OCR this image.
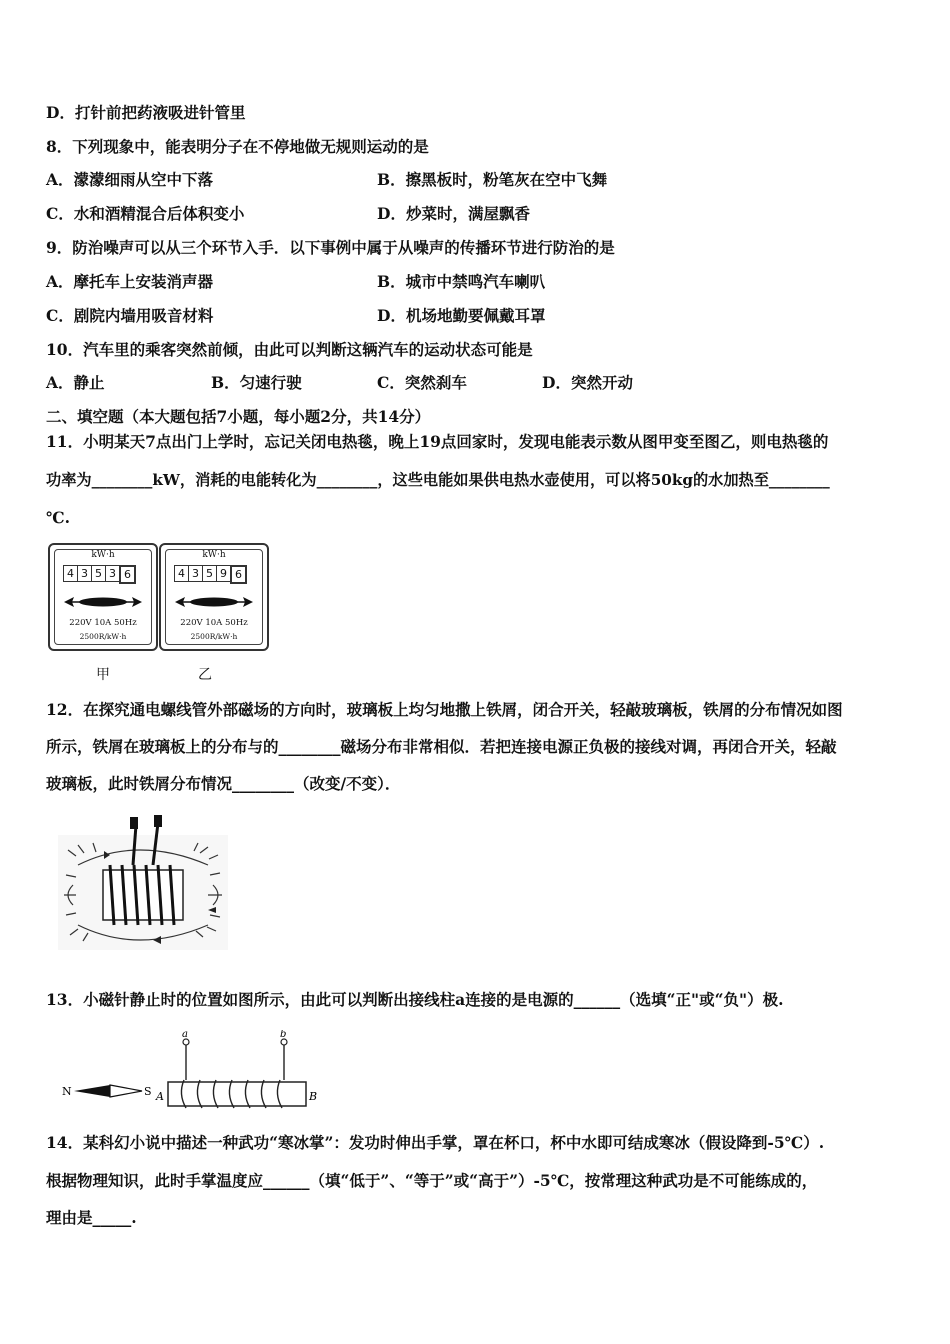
D．打针前把药液吸进针管里
8．下列现象中，能表明分子在不停地做无规则运动的是
A．濛濛细雨从空中下落	B．擦黑板时，粉笔灰在空中飞舞
C．水和酒精混合后体积变小	D．炒菜时，满屋飘香
9．防治噪声可以从三个环节入手．以下事例中属于从噪声的传播环节进行防治的是
A．摩托车上安装消声器	B．城市中禁鸣汽车喇叭
C．剧院内墙用吸音材料	D．机场地勤要佩戴耳罩
10．汽车里的乘客突然前倾，由此可以判断这辆汽车的运动状态可能是
A．静止	B．匀速行驶	C．突然刹车	D．突然开动
二、填空题（本大题包括7小题，每小题2分，共14分）
11．小明某天7点出门上学时，忘记关闭电热毯，晚上19点回家时，发现电能表示数从图甲变至图乙，则电热毯的
功率为________kW，消耗的电能转化为________，这些电能如果供电热水壶使用，可以将50kg的水加热至________
℃.
kW·h
4 3 5 3 6
220V 10A 50Hz
2500R/kW·h
kW·h
4 3 5 9 6
220V 10A 50Hz
2500R/kW·h
甲	乙
12．在探究通电螺线管外部磁场的方向时，玻璃板上均匀地撒上铁屑，闭合开关，轻敲玻璃板，铁屑的分布情况如图
所示，铁屑在玻璃板上的分布与的________磁场分布非常相似．若把连接电源正负极的接线对调，再闭合开关，轻敲
玻璃板，此时铁屑分布情况________（改变/不变）．
13．小磁针静止时的位置如图所示，由此可以判断出接线柱a连接的是电源的______（选填“正"或“负"）极.
N	S A
a	b
B
14．某科幻小说中描述一种武功“寒冰掌”：发功时伸出手掌，罩在杯口，杯中水即可结成寒冰（假设降到-5℃）.
根据物理知识，此时手掌温度应______（填“低于”、“等于”或“高于”）-5℃，按常理这种武功是不可能练成的，
理由是_____.
